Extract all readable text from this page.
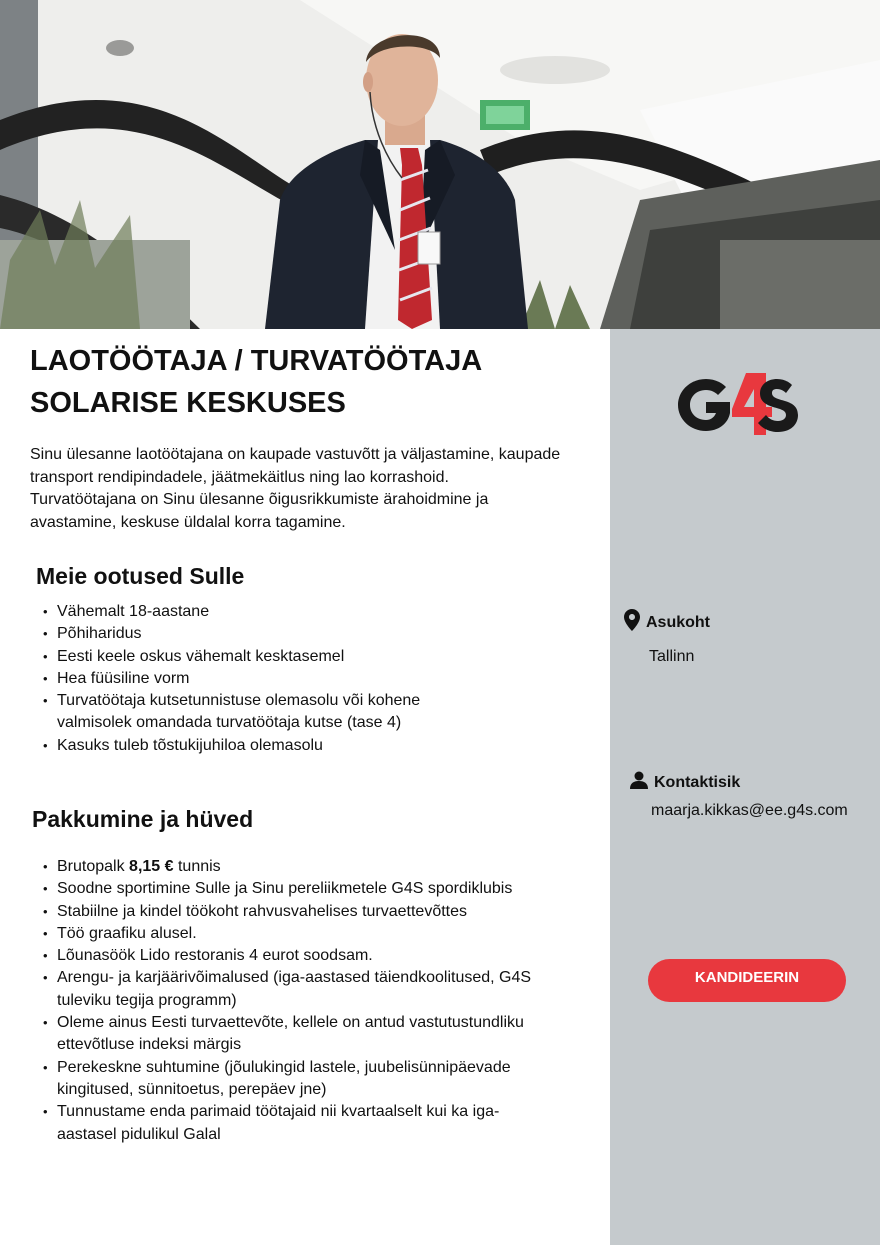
LAOTÖÖTAJA / TURVATÖÖTAJA
SOLARISE KESKUSES
Sinu ülesanne laotöötajana on kaupade vastuvõtt ja väljastamine, kaupade
transport rendipindadele, jäätmekäitlus ning lao korrashoid.
Turvatöötajana on Sinu ülesanne õigusrikkumiste ärahoidmine ja
avastamine, keskuse üldalal korra tagamine.
Meie ootused Sulle
• Vähemalt 18-aastane
• Põhiharidus
• Eesti keele oskus vähemalt kesktasemel
• Hea füüsiline vorm
• Turvatöötaja kutsetunnistuse olemasolu või kohene
valmisolek omandada turvatöötaja kutse (tase 4)
• Kasuks tuleb tõstukijuhiloa olemasolu
Pakkumine ja hüved
• Brutopalk 8,15 € tunnis
• Soodne sportimine Sulle ja Sinu pereliikmetele G4S spordiklubis
• Stabiilne ja kindel töökoht rahvusvahelises turvaettevõttes
• Töö graafiku alusel.
• Lõunasöök Lido restoranis 4 eurot soodsam.
• Arengu- ja karjäärivõimalused (iga-aastased täiendkoolitused, G4S
tuleviku tegija programm)
• Oleme ainus Eesti turvaettevõte, kellele on antud vastutustundliku
ettevõtluse indeksi märgis
• Perekeskne suhtumine (jõulukingid lastele, juubelisünnipäevade
kingitused, sünnitoetus, perepäev jne)
• Tunnustame enda parimaid töötajaid nii kvartaalselt kui ka iga-
aastasel pidulikul Galal
Asukoht
Tallinn
Kontaktisik
maarja.kikkas@ee.g4s.com
KANDIDEERIN
